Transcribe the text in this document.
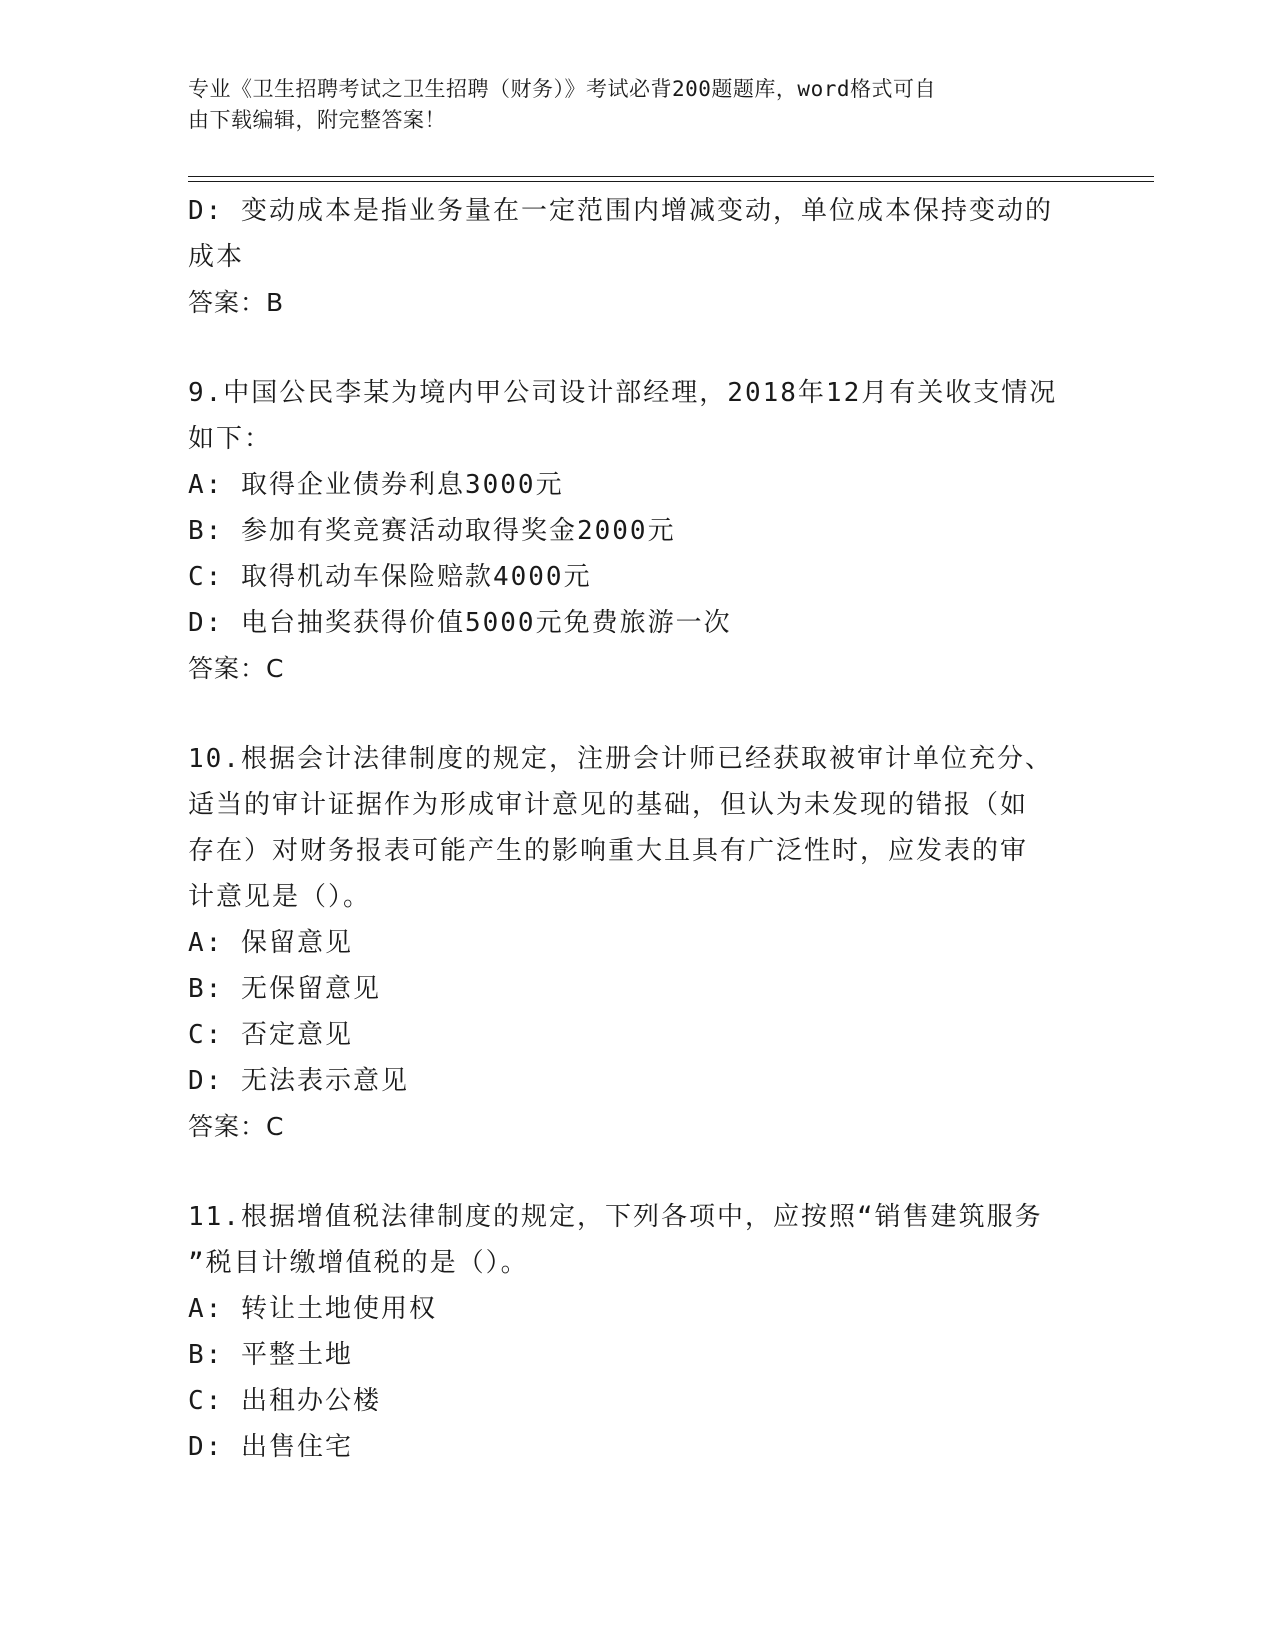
专业《卫生招聘考试之卫生招聘（财务）》考试必背200题题库，word格式可自
由下载编辑，附完整答案！
D: 变动成本是指业务量在一定范围内增减变动，单位成本保持变动的
成本
答案：B
9.中国公民李某为境内甲公司设计部经理，2018年12月有关收支情况
如下：
A: 取得企业债券利息3000元
B: 参加有奖竞赛活动取得奖金2000元
C: 取得机动车保险赔款4000元
D: 电台抽奖获得价值5000元免费旅游一次
答案：C
10.根据会计法律制度的规定，注册会计师已经获取被审计单位充分、
适当的审计证据作为形成审计意见的基础，但认为未发现的错报（如
存在）对财务报表可能产生的影响重大且具有广泛性时，应发表的审
计意见是（）。
A: 保留意见
B: 无保留意见
C: 否定意见
D: 无法表示意见
答案：C
11.根据增值税法律制度的规定，下列各项中，应按照“销售建筑服务
”税目计缴增值税的是（）。
A: 转让土地使用权
B: 平整土地
C: 出租办公楼
D: 出售住宅
